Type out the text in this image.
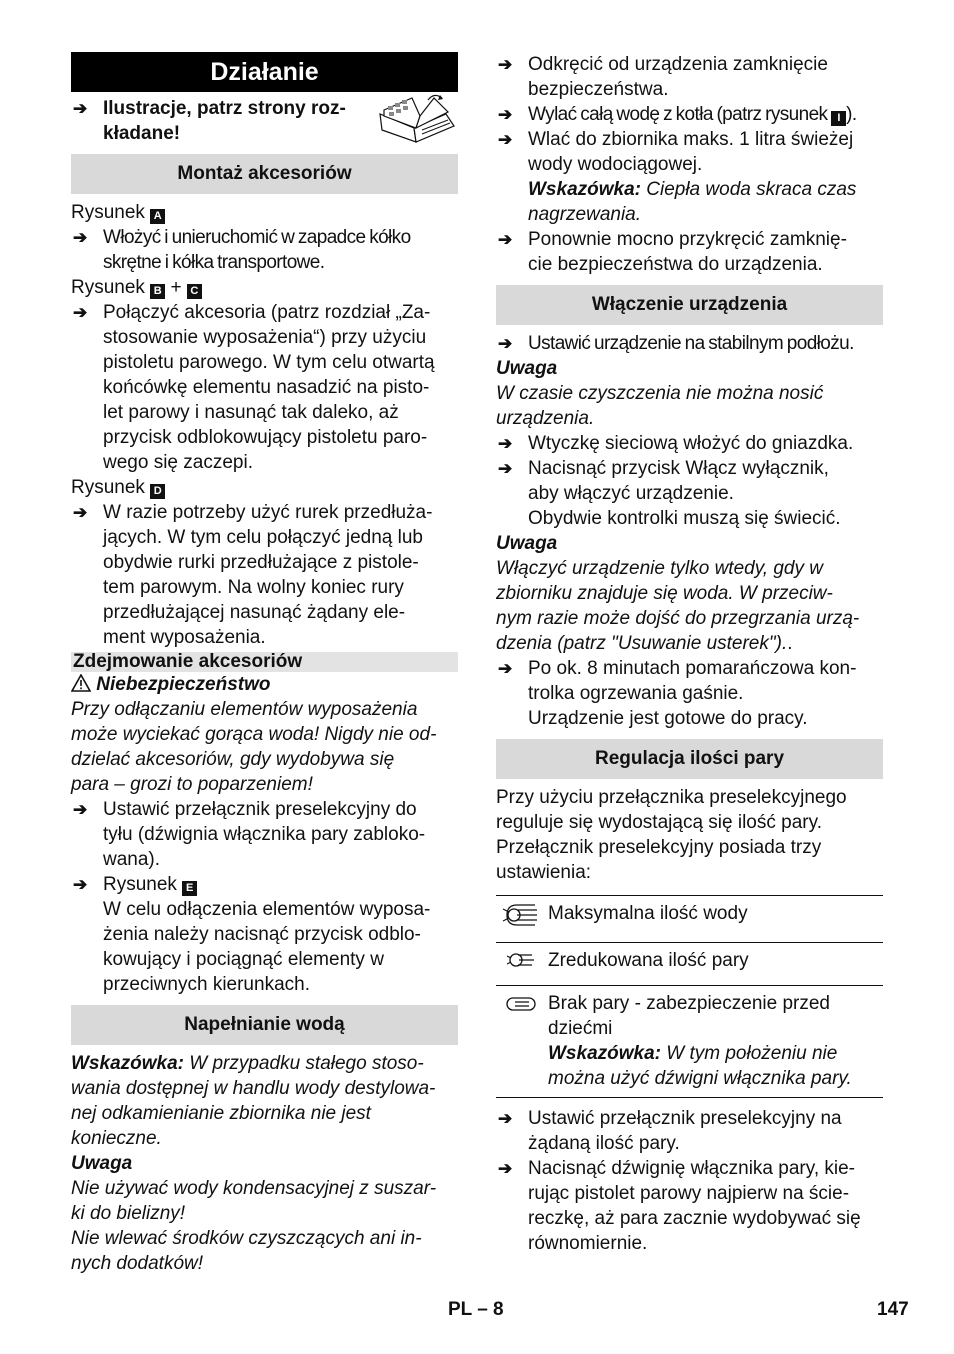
Działanie
➔ Ilustracje, patrz strony roz-
kładane!
Montaż akcesoriów
Rysunek A
➔ Włożyć i unieruchomić w zapadce kółko
skrętne i kółka transportowe.
Rysunek B + C
➔ Połączyć akcesoria (patrz rozdział „Za-
stosowanie wyposażenia“) przy użyciu
pistoletu parowego. W tym celu otwartą
końcówkę elementu nasadzić na pisto-
let parowy i nasunąć tak daleko, aż
przycisk odblokowujący pistoletu paro-
wego się zaczepi.
Rysunek D
➔ W razie potrzeby użyć rurek przedłuża-
jących. W tym celu połączyć jedną lub
obydwie rurki przedłużające z pistole-
tem parowym. Na wolny koniec rury
przedłużającej nasunąć żądany ele-
ment wyposażenia.
Zdejmowanie akcesoriów
Niebezpieczeństwo
Przy odłączaniu elementów wyposażenia
może wyciekać gorąca woda! Nigdy nie od-
dzielać akcesoriów, gdy wydobywa się
para – grozi to poparzeniem!
➔ Ustawić przełącznik preselekcyjny do
tyłu (dźwignia włącznika pary zabloko-
wana).
➔ Rysunek E
W celu odłączenia elementów wyposa-
żenia należy nacisnąć przycisk odblo-
kowujący i pociągnąć elementy w
przeciwnych kierunkach.
Napełnianie wodą
Wskazówka: W przypadku stałego stoso-
wania dostępnej w handlu wody destylowa-
nej odkamienianie zbiornika nie jest
konieczne.
Uwaga
Nie używać wody kondensacyjnej z suszar-
ki do bielizny!
Nie wlewać środków czyszczących ani in-
nych dodatków!
➔ Odkręcić od urządzenia zamknięcie
bezpieczeństwa.
➔ Wylać całą wodę z kotła (patrz rysunek I ).
➔ Wlać do zbiornika maks. 1 litra świeżej
wody wodociągowej.
Wskazówka: Ciepła woda skraca czas
nagrzewania.
➔ Ponownie mocno przykręcić zamknię-
cie bezpieczeństwa do urządzenia.
Włączenie urządzenia
➔ Ustawić urządzenie na stabilnym podłożu.
Uwaga
W czasie czyszczenia nie można nosić
urządzenia.
➔ Wtyczkę sieciową włożyć do gniazdka.
➔ Nacisnąć przycisk Włącz wyłącznik,
aby włączyć urządzenie.
Obydwie kontrolki muszą się świecić.
Uwaga
Włączyć urządzenie tylko wtedy, gdy w
zbiorniku znajduje się woda. W przeciw-
nym razie może dojść do przegrzania urzą-
dzenia (patrz "Usuwanie usterek")..
➔ Po ok. 8 minutach pomarańczowa kon-
trolka ogrzewania gaśnie.
Urządzenie jest gotowe do pracy.
Regulacja ilości pary
Przy użyciu przełącznika preselekcyjnego
reguluje się wydostającą się ilość pary.
Przełącznik preselekcyjny posiada trzy
ustawienia:
	Maksymalna ilość wody
	Zredukowana ilość pary
	Brak pary - zabezpieczenie przed
dziećmi
Wskazówka: W tym położeniu nie
można użyć dźwigni włącznika pary.
➔ Ustawić przełącznik preselekcyjny na
żądaną ilość pary.
➔ Nacisnąć dźwignię włącznika pary, kie-
rując pistolet parowy najpierw na ście-
reczkę, aż para zacznie wydobywać się
równomiernie.
PL – 8	147
